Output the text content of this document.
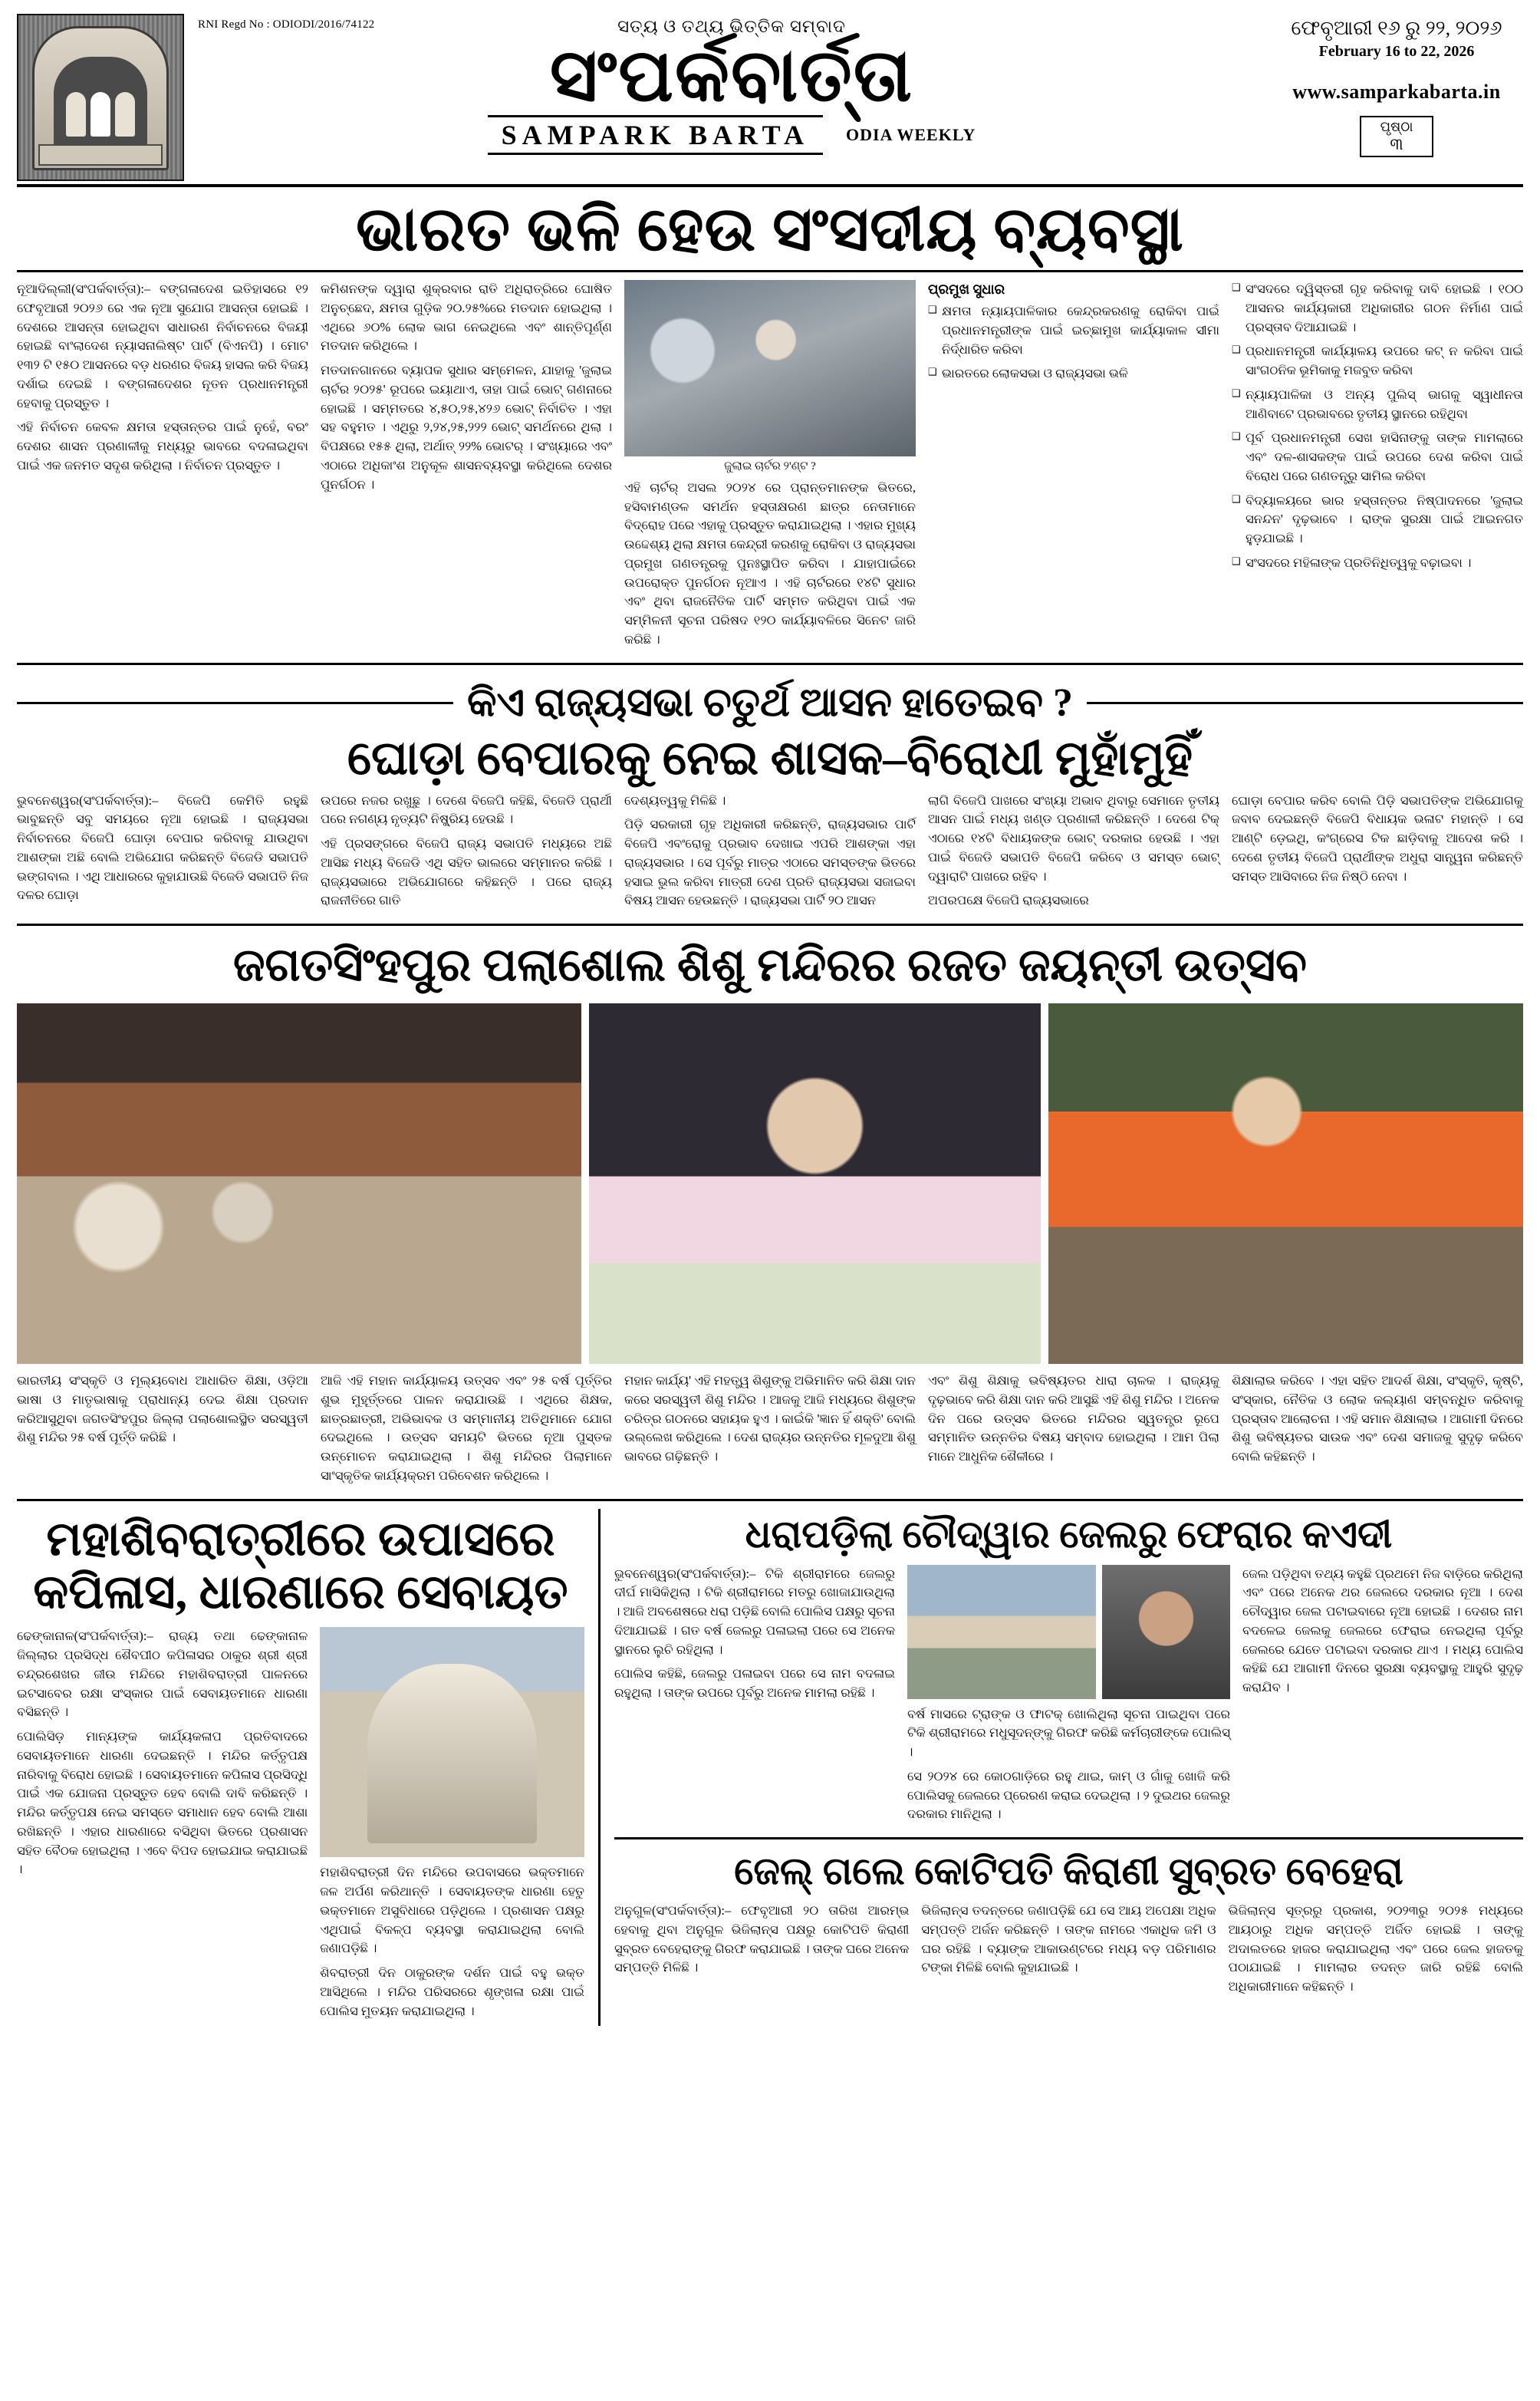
RNI Regd No : ODIODI/2016/74122	ସତ୍ୟ ଓ ତଥ୍ୟ ଭିତ୍ତିକ ସମ୍ବାଦ
ସଂପର୍କବାର୍ତ୍ତା
SAMPARK BARTA	ODIA WEEKLY
ଫେବୃଆରୀ ୧୬ ରୁ ୨୨, ୨୦୨୬
February 16 to 22, 2026
www.samparkabarta.in
ପୃଷ୍ଠା
୩
ଭାରତ ଭଳି ହେଉ ସଂସଦୀୟ ବ୍ୟବସ୍ଥା

ନୂଆଦିଲ୍ଲୀ(ସଂପର୍କବାର୍ତ୍ତା):– ବଙ୍ଗଳାଦେଶ ଇତିହାସରେ ୧୨ ଫେବୃଆରୀ ୨୦୨୬ ରେ ଏକ ନୂଆ ସୁଯୋଗ ଆସନ୍ତା ହୋଇଛି । ଦେଶରେ ଆସନ୍ତା ହୋଇଥିବା ସାଧାରଣ ନିର୍ବାଚନରେ ବିଜୟୀ ହୋଇଛି ବାଂଲାଦେଶ ନ୍ୟାସନାଲିଷ୍ଟ ପାର୍ଟି (ବିଏନପି) । ମୋଟ ୧୩୨ ଟି ୧୫୦ ଆସନରେ ବଡ଼ ଧରଣର ବିଜୟ ହାସଲ କରି ବିଜୟ ଦର୍ଶାଇ ଦେଇଛି । ବଙ୍ଗଳାଦେଶର ନୂତନ ପ୍ରଧାନମନ୍ତ୍ରୀ ହେବାକୁ ପ୍ରସ୍ତୁତ ।

ଏହି ନିର୍ବାଚନ କେବଳ କ୍ଷମତା ହସ୍ତାନ୍ତର ପାଇଁ ନୁହେଁ, ବରଂ ଦେଶର ଶାସନ ପ୍ରଣାଳୀକୁ ମଧ୍ୟରୁ ଭାବରେ ବଦଳାଇଥିବା ପାଇଁ ଏକ ଜନମତ ସଦୃଶ କରିଥିଲା । ନିର୍ବାଚନ ପ୍ରସ୍ତୁତ ।

କମିଶନଙ୍କ ଦ୍ୱାରା ଶୁକ୍ରବାର ରାତି ଅଧିରାତ୍ରିରେ ଘୋଷିତ ଅନୁଚ୍ଛେଦ, କ୍ଷମତା ଗୁଡ଼ିକ ୨୦.୨୫%ରେ ମତଦାନ ହୋଇଥିଲା । ଏଥିରେ ୬୦% ଲୋକ ଭାଗ ନେଇଥିଲେ ଏବଂ ଶାନ୍ତିପୂର୍ଣ୍ଣ ମତଦାନ କରିଥିଲେ ।

ମତଦାନଗାନରେ ବ୍ୟାପକ ସୁଧାର ସମ୍ମେଳନ, ଯାହାକୁ 'ଜୁଲାଇ ଚାର୍ଟର ୨୦୨୫' ରୂପରେ ଇୟାଥାଏ, ତାହା ପାଇଁ ଭୋଟ୍ ଗଣନାରେ ହୋଇଛି । ସମ୍ମତରେ ୪,୫୦,୨୫,୪୨୬ ଭୋଟ୍ ନିର୍ବାଚିତ । ଏହା ସହ ବହୁମତ । ଏଥିରୁ ୨,୨୪,୨୫,୨୨୨ ଭୋଟ୍ ସମର୍ଥନରେ ଥିଲା । ବିପକ୍ଷରେ ୧୫୫ ଥିଲା, ଅର୍ଥାତ୍ ୨୨% ଭୋଟର୍ । ସଂଖ୍ୟାରେ ଏବଂ ଏଠାରେ ଅଧିକାଂଶ ଅନୁକୂଳ ଶାସନବ୍ୟବସ୍ଥା କରିଥିଲେ ଦେଶର ପୁନର୍ଗଠନ ।

ଜୁଲାଇ ଚାର୍ଟର ୨'ଣ୍ଟ ?

ଏହି ଚାର୍ଟର୍ ଅସଲ ୨୦୨୪ ରେ ପ୍ରାନ୍ତମାନଙ୍କ ଭିତରେ, ହସିବାମଣ୍ଡଳ ସମର୍ଥନ ହସ୍ତାକ୍ଷରଣ ଛାତ୍ର ନେତାମାନେ ବିଦ୍ରୋହ ପରେ ଏହାକୁ ପ୍ରସ୍ତୁତ କରାଯାଇଥିଲା । ଏହାର ମୁଖ୍ୟ ଉଦ୍ଦେଶ୍ୟ ଥିଲା କ୍ଷମତା କେନ୍ଦ୍ରୀ କରଣକୁ ରୋକିବା ଓ ରାଜ୍ୟସଭା ପ୍ରମୁଖ ଗଣତନ୍ତ୍ରକୁ ପୁନଃସ୍ଥାପିତ କରିବା । ଯାହାପାଇଁରେ ଉପରୋକ୍ତ ପୁନର୍ଗଠନ ନୂଆଏ । ଏହି ଚାର୍ଟରରେ ୧୪ଟି ସୁଧାର ଏବଂ ଥିବା ରାଜନୈତିକ ପାର୍ଟି ସମ୍ମତ କରିଥିବା ପାଇଁ ଏକ ସମ୍ମିଳନୀ ସୂଚନା ପରିଷଦ ୧୨୦ କାର୍ଯ୍ୟାବଳିରେ ସିନେଟ ଜାରି କରିଛି ।

ପ୍ରମୁଖ ସୁଧାର

❑ କ୍ଷମତା ନ୍ୟାୟପାଳିକାର କେନ୍ଦ୍ରକରଣକୁ ରୋକିବା ପାଇଁ ପ୍ରଧାନମନ୍ତ୍ରୀଙ୍କ ପାଇଁ ଇଚ୍ଛାମୁଖ କାର୍ଯ୍ୟାକାଳ ସୀମା ନିର୍ଦ୍ଧାରିତ କରିବା

❑ ଭାରତରେ ଲୋକସଭା ଓ ରାଜ୍ୟସଭା ଭଳି

❑ ସଂସଦରେ ଦ୍ୱିସ୍ତରୀ ଗୃହ କରିବାକୁ ଦାବି ହୋଇଛି । ୧୦୦ ଆସନର କାର୍ଯ୍ୟକାରୀ ଅଧିକାରୀର ଗଠନ ନିର୍ମାଣ ପାଇଁ ପ୍ରସ୍ତାବ ଦିଆଯାଇଛି ।

❑ ପ୍ରଧାନମନ୍ତ୍ରୀ କାର୍ଯ୍ୟାଳୟ ଉପରେ କଟ୍ ନ କରିବା ପାଇଁ ସାଂଗଠନିକ ଭୂମିକାକୁ ମଜବୁତ କରିବା

❑ ନ୍ୟାୟପାଳିକା ଓ ଅନ୍ୟ ପୁଲିସ୍ ଭାଗକୁ ସ୍ୱାଧୀନତା ଆଣିବାଟେ ପ୍ରଭାବରେ ତୃତୀୟ ସ୍ଥାନରେ ରହିଥିବା

❑ ପୂର୍ବ ପ୍ରଧାନମନ୍ତ୍ରୀ ସେଖ ହାସିନାଙ୍କୁ ତାଙ୍କ ମାମଲାରେ ଏବଂ ଦଳ-ଶାସକଙ୍କ ପାଇଁ ଉପରେ ଦେଶ କରିବା ପାଇଁ ବିରୋଧ ପରେ ଗଣତନ୍ତ୍ରୁ ସାମିଲ କରିବା

❑ ବିଦ୍ୟାଳୟରେ ଭାର ହସ୍ତାନ୍ତର ନିଷ୍ପାଦନରେ 'ଜୁଲାଇ ସନନ୍ଦନ' ଦୃଢ଼ଭାବେ । ରାଙ୍କ ସୁରକ୍ଷା ପାଇଁ ଆଇନଗତ ହୁଡ଼ଯାଇଛି ।

❑ ସଂସଦରେ ମହିଳାଙ୍କ ପ୍ରତିନିଧିତ୍ୱକୁ ବଢ଼ାଇବା ।

କିଏ ରାଜ୍ୟସଭା ଚତୁର୍ଥ ଆସନ ହାତେଇବ ?
ଘୋଡ଼ା ବେପାରକୁ ନେଇ ଶାସକ–ବିରୋଧୀ ମୁହାଁମୁହିଁ

ଭୁବନେଶ୍ୱର(ସଂପର୍କବାର୍ତ୍ତା):– ବିଜେପି କେମିତି ରହୁଛି ଭାବୁଛନ୍ତି ସବୁ ସମୟରେ ନୂଆ ହୋଇଛି । ରାଜ୍ୟସଭା ନିର୍ବାଚନରେ ବିଜେପି ଘୋଡ଼ା ବେପାର କରିବାକୁ ଯାଉଥିବା ଆଶଙ୍କା ଅଛି ବୋଲି ଅଭିଯୋଗ କରିଛନ୍ତି ବିଜେଡି ସଭାପତି ଭଙ୍ଗବାଲ । ଏଥି ଆଧାରରେ କୁହାଯାଉଛି ବିଜେଡି ସଭାପତି ନିଜ ଦଳର ଘୋଡ଼ା

ଉପରେ ନଜର ରଖୁଛୁ । ଦେଶେ ବିଜେପି କହିଛି, ବିଜେଡି ପ୍ରାର୍ଥୀ ପରେ ନଗଣ୍ୟ ନୃତ୍ୟଟି ନିଷ୍କ୍ରିୟ ହେଉଛି ।

ଏହି ପ୍ରସଙ୍ଗରେ ବିଜେପି ରାଜ୍ୟ ସଭାପତି ମଧ୍ୟରେ ଅଛି ଆସିଛ ମଧ୍ୟ ବିଜେଡି ଏଥି ସହିତ ଭାଲରେ ସମ୍ମାନର କରିଛି । ରାଜ୍ୟସଭାରେ ଅଭିଯୋଗରେ କହିଛନ୍ତି । ପରେ ରାଜ୍ୟ ରାଜନୀତିରେ ଗାତି

ଦେଶ୍ୟତ୍ୱକୁ ମିଳିଛି ।

ପିଡ଼ି ସରକାରୀ ଗୃହ ଅଧିକାରୀ କରିଛନ୍ତି, ରାଜ୍ୟସଭାର ପାର୍ଟି ବିଜେପି ଏବଂରୋକୁ ପ୍ରଭାବ ଦେଖାଇ ଏପରି ଆଶଙ୍କା ଏହା ରାଜ୍ୟସଭାର । ସେ ପୂର୍ବରୁ ମାତ୍ର ଏଠାରେ ସମସ୍ତଙ୍କ ଭିତରେ ହସାଇ ଭୁଲ କରିବା ମାତ୍ରୀ ଦେଶ ପ୍ରତି ରାଜ୍ୟସଭା ସଜାଇବା ବିଷୟ ଆସନ ହେଉଛନ୍ତି । ରାଜ୍ୟସଭା ପାର୍ଟି ୨୦ ଆସନ

ଲାଗି ବିଜେପି ପାଖରେ ସଂଖ୍ୟା ଅଭାବ ଥିବାରୁ ସେମାନେ ତୃତୀୟ ଆସନ ପାଇଁ ମଧ୍ୟ ଖଣ୍ଡ ପ୍ରଣାଳୀ କରିଛନ୍ତି । ଦେଶେ ଟିକ୍ ଏଠାରେ ୧୪ଟି ବିଧାୟକଙ୍କ ଭୋଟ୍ ଦରକାର ହେଉଛି । ଏହା ପାଇଁ ବିଜେଡି ସଭାପତି ବିଜେପି କରିବେ ଓ ସମସ୍ତ ଭୋଟ୍ ଦ୍ୱାରାଟି ପାଖରେ ରହିବ ।

ଅପରପକ୍ଷେ ବିଜେପି ରାଜ୍ୟସଭାରେ

ଘୋଡ଼ା ବେପାର କରିବ ବୋଲି ପିଡ଼ି ସଭାପତିଙ୍କ ଅଭିଯୋଗକୁ ଜବାବ ଦେଇଛନ୍ତି ବିଜେପି ବିଧାୟକ ଭଳାଟ ମହାନ୍ତି । ସେ ଆଣ୍ଟି ଡ଼େଇଥି, କଂଗ୍ରେସ ଟିକ ଛାଡ଼ିବାକୁ ଆଦେଶ କରି । ଦେଶେ ତୃତୀୟ ବିଜେପି ପ୍ରାର୍ଥୀଙ୍କ ଅଧୁରା ସାନ୍ତ୍ୱନା କରିଛନ୍ତି ସମସ୍ତ ଆସିବାରେ ନିଜ ନିଷ୍ଠି ନେବା ।

ଜଗତସିଂହପୁର ପଲାଶୋଲ ଶିଶୁ ମନ୍ଦିରର ରଜତ ଜୟନ୍ତୀ ଉତ୍ସବ

ଭାରତୀୟ ସଂସ୍କୃତି ଓ ମୂଲ୍ୟବୋଧ ଆଧାରିତ ଶିକ୍ଷା, ଓଡ଼ିଆ ଭାଷା ଓ ମାତୃଭାଷାକୁ ପ୍ରାଧାନ୍ୟ ଦେଇ ଶିକ୍ଷା ପ୍ରଦାନ କରିଆସୁଥିବା ଜଗତସିଂହପୁର ଜିଲ୍ଲା ପଲାଶୋଲସ୍ଥିତ ସରସ୍ୱତୀ ଶିଶୁ ମନ୍ଦିର ୨୫ ବର୍ଷ ପୂର୍ତ୍ତି କରିଛି ।

ଆଜି ଏହି ମହାନ କାର୍ଯ୍ୟାଳୟ ଉତ୍ସବ ଏବଂ ୨୫ ବର୍ଷ ପୂର୍ତ୍ତିର ଶୁଭ ମୁହୂର୍ତ୍ତରେ ପାଳନ କରାଯାଉଛି । ଏଥିରେ ଶିକ୍ଷକ, ଛାତ୍ରଛାତ୍ରୀ, ଅଭିଭାବକ ଓ ସମ୍ମାନୀୟ ଅତିଥିମାନେ ଯୋଗ ଦେଇଥିଲେ । ଉତ୍ସବ ସମୟଟି ଭିତରେ ନୂଆ ପୁସ୍ତକ ଉନ୍ମୋଚନ କରାଯାଇଥିଲା । ଶିଶୁ ମନ୍ଦିରର ପିଲାମାନେ ସାଂସ୍କୃତିକ କାର୍ଯ୍ୟକ୍ରମ ପରିବେଶନ କରିଥିଲେ ।

ମହାନ କାର୍ଯ୍ୟ' ଏହି ମହତ୍ତ୍ୱ ଶିଶୁଙ୍କୁ ଅଭିମାନିତ କରି ଶିକ୍ଷା ଦାନ କରେ ସରସ୍ୱତୀ ଶିଶୁ ମନ୍ଦିର । ଆଜକୁ ଆଜି ମଧ୍ୟରେ ଶିଶୁଙ୍କ ଚରିତ୍ର ଗଠନରେ ସହାୟକ ହୁଏ । କାଇଁକି 'ଜ୍ଞାନ ହିଁ ଶକ୍ତି' ବୋଲି ଉଲ୍ଲେଖ କରିଥିଲେ । ଦେଶ ରାଜ୍ୟର ଉନ୍ନତିର ମୂଳଦୁଆ ଶିଶୁ ଭାବରେ ଗଢ଼ିଛନ୍ତି ।

ଏବଂ ଶିଶୁ ଶିକ୍ଷାକୁ ଭବିଷ୍ୟତର ଧାରା ଚାଳକ । ରାଜ୍ୟକୁ ଦୃଢ଼ଭାବେ କରି ଶିକ୍ଷା ଦାନ କରି ଆସୁଛି ଏହି ଶିଶୁ ମନ୍ଦିର । ଅନେକ ଦିନ ପରେ ଉତ୍ସବ ଭିତରେ ମନ୍ଦିରର ସ୍ୱତନ୍ତ୍ର ରୂପେ ସମ୍ମାନିତ ଉନ୍ନତିର ବିଷୟ ସମ୍ବାଦ ହୋଇଥିଲା । ଆମ ପିଲା ମାନେ ଆଧୁନିକ ଶୈଳୀରେ ।

ଶିକ୍ଷାଲାଭ କରିବେ । ଏହା ସହିତ ଆଦର୍ଶ ଶିକ୍ଷା, ସଂସ୍କୃତି, କୃଷ୍ଟି, ସଂସ୍କାର, ନୈତିକ ଓ ଲୋକ କଲ୍ୟାଣ ସମ୍ବନ୍ଧିତ କରିବାକୁ ପ୍ରସ୍ତାବ ଆଲୋଚନା । ଏହି ସମାନ ଶିକ୍ଷାଲାଭ । ଆଗାମୀ ଦିନରେ ଶିଶୁ ଭବିଷ୍ୟତର ସାଉକ ଏବଂ ଦେଶ ସମାଜକୁ ସୁଦୃଢ଼ କରିବେ ବୋଲି କହିଛନ୍ତି ।

ମହାଶିବରାତ୍ରୀରେ ଉପାସରେ କପିଳାସ, ଧାରଣାରେ ସେବାୟତ

ଢେଙ୍କାନାଳ(ସଂପର୍କବାର୍ତ୍ତା):– ରାଜ୍ୟ ତଥା ଢେଙ୍କାନାଳ ଜିଲ୍ଲାର ପ୍ରସିଦ୍ଧ ଶୈବପୀଠ କପିଳାସର ଠାକୁର ଶ୍ରୀ ଶ୍ରୀ ଚନ୍ଦ୍ରଶେଖର ଜୀଉ ମନ୍ଦିରେ ମହାଶିବରାତ୍ରୀ ପାଳନରେ ଇଟସାବେର ରକ୍ଷା ସଂସ୍କାର ପାଇଁ ସେବାୟତମାନେ ଧାରଣା ବସିଛନ୍ତି ।

ପୋଲିସିଡ଼ ମାନ୍ୟଙ୍କ କାର୍ଯ୍ୟକଳାପ ପ୍ରତିବାଦରେ ସେବାୟତମାନେ ଧାରଣା ଦେଇଛନ୍ତି । ମନ୍ଦିର କର୍ତ୍ତୃପକ୍ଷ ନାରିବାକୁ ବିରୋଧ ହୋଇଛି । ସେବାୟତମାନେ କପିଳାସ ପ୍ରସିଦ୍ଧି ପାଇଁ ଏକ ଯୋଜନା ପ୍ରସ୍ତୁତ ହେବ ବୋଲି ଦାବି କରିଛନ୍ତି । ମନ୍ଦିର କର୍ତ୍ତୃପକ୍ଷ ନେଇ ସମସ୍ତେ ସମାଧାନ ହେବ ବୋଲି ଆଶା ରଖିଛନ୍ତି । ଏହାର ଧାରଣାରେ ବସିଥିବା ଭିତରେ ପ୍ରଶାସନ ସହିତ ବୈଠକ ହୋଇଥିଲା । ଏବେ ବିପଦ ହୋଇଯାଇ କରାଯାଇଛି ।	ମହାଶିବରାତ୍ରୀ ଦିନ ମନ୍ଦିରେ ଉପବାସରେ ଭକ୍ତମାନେ ଜଳ ଅର୍ପଣ କରିଥାନ୍ତି । ସେବାୟତଙ୍କ ଧାରଣା ହେତୁ ଭକ୍ତମାନେ ଅସୁବିଧାରେ ପଡ଼ିଥିଲେ । ପ୍ରଶାସନ ପକ୍ଷରୁ ଏଥିପାଇଁ ବିକଳ୍ପ ବ୍ୟବସ୍ଥା କରାଯାଇଥିଲା ବୋଲି ଜଣାପଡ଼ିଛି ।

ଶିବରାତ୍ରୀ ଦିନ ଠାକୁରଙ୍କ ଦର୍ଶନ ପାଇଁ ବହୁ ଭକ୍ତ ଆସିଥିଲେ । ମନ୍ଦିର ପରିସରରେ ଶୃଙ୍ଖଳା ରକ୍ଷା ପାଇଁ ପୋଲିସ ମୁତୟନ କରାଯାଇଥିଲା ।

ଧରାପଡ଼ିଲା ଚୌଦ୍ୱାର ଜେଲରୁ ଫେରାର କଏଦୀ

ଭୁବନେଶ୍ୱର(ସଂପର୍କବାର୍ତ୍ତା):– ଟିକି ଶ୍ରୀରାମରେ ଜେଲରୁ ଦୀର୍ଘ ମାସିକିଥିଲା । ଟିକି ଶ୍ରୀରାମରେ ମତରୁ ଖୋଜାଯାଉଥିଲା । ଆଜି ଅବଶେଷରେ ଧରା ପଡ଼ିଛି ବୋଲି ପୋଲିସ ପକ୍ଷରୁ ସୂଚନା ଦିଆଯାଇଛି । ଗତ ବର୍ଷ ଜେଲରୁ ପଳାଇଲା ପରେ ସେ ଅନେକ ସ୍ଥାନରେ ଲୁଚି ରହିଥିଲା ।

ପୋଲିସ କହିଛି, ଜେଲରୁ ପଳାଇବା ପରେ ସେ ନାମ ବଦଳାଇ ରହୁଥିଲା । ତାଙ୍କ ଉପରେ ପୂର୍ବରୁ ଅନେକ ମାମଲା ରହିଛି ।

ବର୍ଷ ମାସରେ ଟ୍ରାଙ୍କ ଓ ଫାଟକ୍ ଖୋଲିଥିଲା ସୂଚନା ପାଇଥିବା ପରେ ଟିକି ଶ୍ରୀରାମରେ ମଧୁସୂଦନ୍‌ଙ୍କୁ ଗିରଫ କରିଛି କର୍ମଚାରୀଙ୍କେ ପୋଲିସ୍ ।

ସେ ୨୦୨୪ ରେ କୋଠଗାଡ଼ିରେ ରହୁ ଥାଇ, କାମ୍ ଓ ଗାଁକୁ ଖୋଜି କରି ପୋଲିସକୁ ଜେଲରେ ପ୍ରେରଣ କରାଇ ଦେଇଥିଲା । ୨ ଦୁଇଥର ଜେଲରୁ ଦରକାର ମାନିଥିଲା ।

ଜେଲ ପଡ଼ିଥିବା ତଥ୍ୟ କହୁଛି ପ୍ରଥମେ ନିଜ ବାଡ଼ିରେ କରିଥିଲା ଏବଂ ପରେ ଅନେକ ଥର ଜେଲରେ ଦରକାର ନୂଆ । ଦେଶ ଚୌଦ୍ୱାର ଜେଲ ପଟାଇବାରେ ନୂଆ ହୋଇଛି । ଦେଶର ନାମ ବଦଳେଇ ଜେଲକୁ ଜେଲରେ ଫେରାଇ ନେଇଥିଲା ପୂର୍ବରୁ ଜେଲରେ ଯେତେ ପଟାଇବା ଦରକାର ଥାଏ । ମଧ୍ୟ ପୋଲିସ କହିଛି ଯେ ଆଗାମୀ ଦିନରେ ସୁରକ୍ଷା ବ୍ୟବସ୍ଥାକୁ ଆହୁରି ସୁଦୃଢ଼ କରାଯିବ ।

ଜେଲ୍ ଗଲେ କୋଟିପତି କିରାଣୀ ସୁବ୍ରତ ବେହେରା

ଅନୁଗୁଳ(ସଂପର୍କବାର୍ତ୍ତା):– ଫେବୃଆରୀ ୨୦ ତାରିଖ ଆରମ୍ଭ ହେବାକୁ ଥିବା ଅନୁଗୁଳ ଭିଜିଲାନ୍ସ ପକ୍ଷରୁ କୋଟିପତି କିରାଣୀ ସୁବ୍ରତ ବେହେରାଙ୍କୁ ଗିରଫ କରାଯାଇଛି । ତାଙ୍କ ଘରେ ଅନେକ ସମ୍ପତ୍ତି ମିଳିଛି ।

ଭିଜିଲାନ୍ସ ତଦନ୍ତରେ ଜଣାପଡ଼ିଛି ଯେ ସେ ଆୟ ଅପେକ୍ଷା ଅଧିକ ସମ୍ପତ୍ତି ଅର୍ଜନ କରିଛନ୍ତି । ତାଙ୍କ ନାମରେ ଏକାଧିକ ଜମି ଓ ଘର ରହିଛି । ବ୍ୟାଙ୍କ ଆକାଉଣ୍ଟରେ ମଧ୍ୟ ବଡ଼ ପରିମାଣର ଟଙ୍କା ମିଳିଛି ବୋଲି କୁହାଯାଇଛି ।

ଭିଜିଲାନ୍ସ ସୂତ୍ରରୁ ପ୍ରକାଶ, ୨୦୨୩ରୁ ୨୦୨୫ ମଧ୍ୟରେ ଆୟଠାରୁ ଅଧିକ ସମ୍ପତ୍ତି ଅର୍ଜିତ ହୋଇଛି । ତାଙ୍କୁ ଅଦାଲତରେ ହାଜର କରାଯାଇଥିଲା ଏବଂ ପରେ ଜେଲ ହାଜତକୁ ପଠାଯାଇଛି । ମାମଲାର ତଦନ୍ତ ଜାରି ରହିଛି ବୋଲି ଅଧିକାରୀମାନେ କହିଛନ୍ତି ।
